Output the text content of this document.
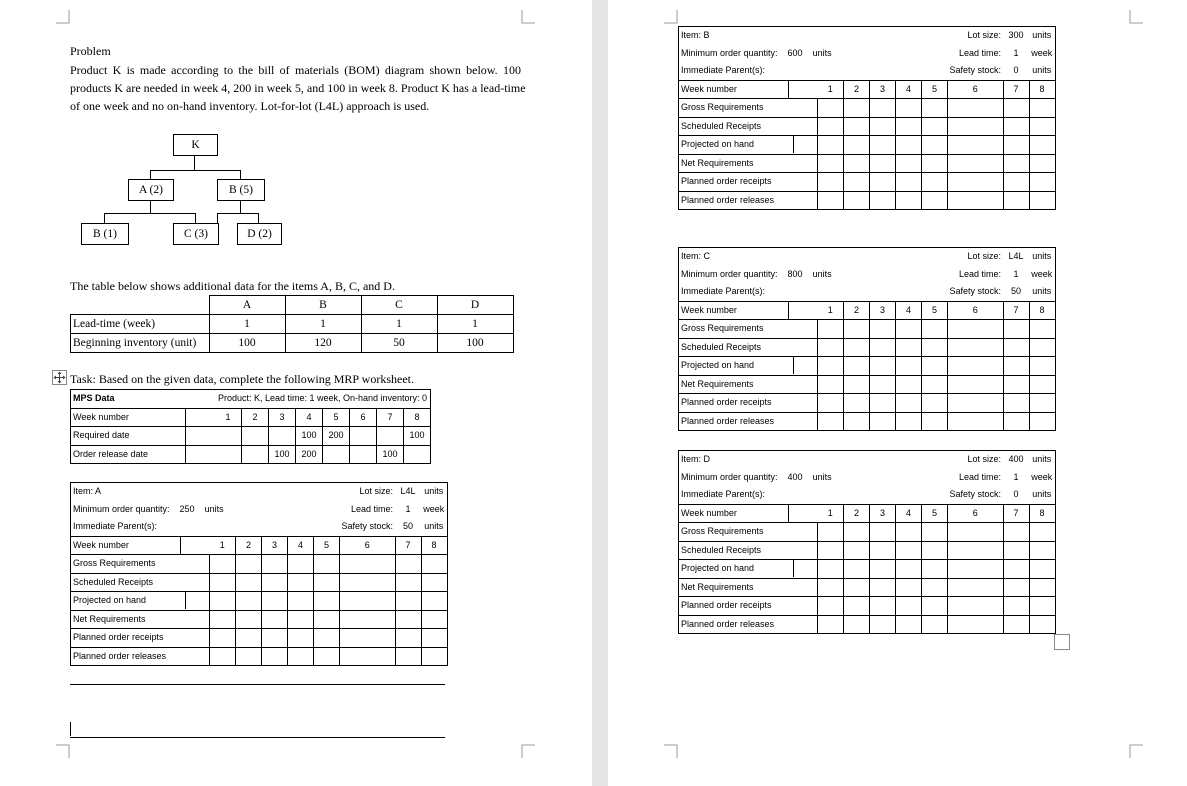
Problem
Product K is made according to the bill of materials (BOM) diagram shown below. 100
products K are needed in week 4, 200 in week 5, and 100 in week 8. Product K has a lead-time
of one week and no on-hand inventory. Lot-for-lot (L4L) approach is used.
K
A (2)	B (5)
B (1)	C (3)	D (2)
The table below shows additional data for the items A, B, C, and D.
	A	B	C	D
Lead-time (week)	1	1	1	1
Beginning inventory (unit)	100	120	50	100
Task: Based on the given data, complete the following MRP worksheet.
MPS Data		Product: K, Lead time: 1 week, On-hand inventory: 0							
Week number		1	2	3	4	5	6	7	8
Required date					100	200			100
Order release date				100	200			100	
Item: A							Lot size:	L4L	units
Minimum order quantity: 250 units							Lead time:	1	week
Immediate Parent(s):							Safety stock:	50	units
Week number		1	2	3	4	5	6	7	8
Gross Requirements									
Scheduled Receipts									

Projected on hand									

Net Requirements									
Planned order receipts									
Planned order releases									
Item: B							Lot size:	300	units
Minimum order quantity: 600 units							Lead time:	1	week
Immediate Parent(s):							Safety stock:	0	units
Week number		1	2	3	4	5	6	7	8
Gross Requirements									
Scheduled Receipts									

Projected on hand									

Net Requirements									
Planned order receipts									
Planned order releases									
Item: C							Lot size:	L4L	units
Minimum order quantity: 800 units							Lead time:	1	week
Immediate Parent(s):							Safety stock:	50	units
Week number		1	2	3	4	5	6	7	8
Gross Requirements									
Scheduled Receipts									

Projected on hand									

Net Requirements									
Planned order receipts									
Planned order releases									
Item: D							Lot size:	400	units
Minimum order quantity: 400 units							Lead time:	1	week
Immediate Parent(s):							Safety stock:	0	units
Week number		1	2	3	4	5	6	7	8
Gross Requirements									
Scheduled Receipts									

Projected on hand									

Net Requirements									
Planned order receipts									
Planned order releases									
